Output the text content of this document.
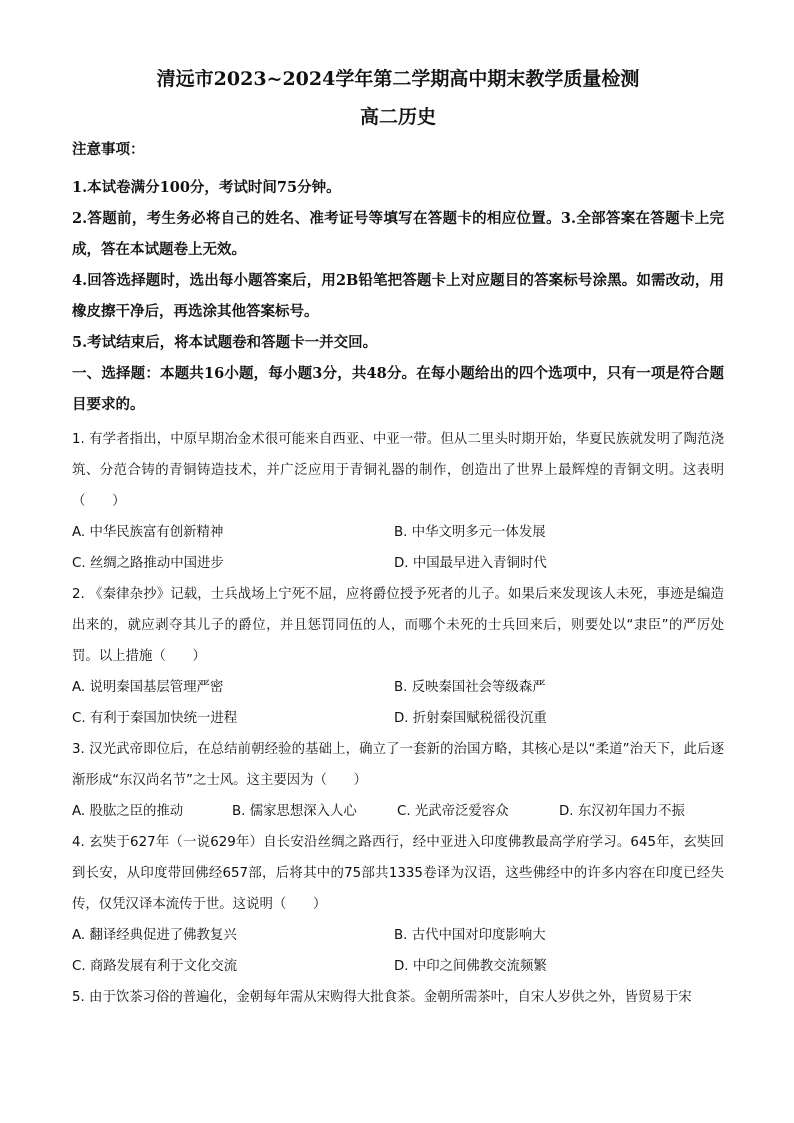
清远市2023~2024学年第二学期高中期末教学质量检测
高二历史

注意事项：

1.本试卷满分100分，考试时间75分钟。

2.答题前，考生务必将自己的姓名、准考证号等填写在答题卡的相应位置。3.全部答案在答题卡上完成，答在本试题卷上无效。

4.回答选择题时，选出每小题答案后，用2B铅笔把答题卡上对应题目的答案标号涂黑。如需改动，用橡皮擦干净后，再选涂其他答案标号。

5.考试结束后，将本试题卷和答题卡一并交回。

一、选择题：本题共16小题，每小题3分，共48分。在每小题给出的四个选项中，只有一项是符合题目要求的。

1. 有学者指出，中原早期冶金术很可能来自西亚、中亚一带。但从二里头时期开始，华夏民族就发明了陶范浇筑、分范合铸的青铜铸造技术，并广泛应用于青铜礼器的制作，创造出了世界上最辉煌的青铜文明。这表明（　　）

A. 中华民族富有创新精神	B. 中华文明多元一体发展
C. 丝绸之路推动中国进步	D. 中国最早进入青铜时代

2. 《秦律杂抄》记载，士兵战场上宁死不屈，应将爵位授予死者的儿子。如果后来发现该人未死，事迹是编造出来的，就应剥夺其儿子的爵位，并且惩罚同伍的人，而哪个未死的士兵回来后，则要处以“隶臣”的严厉处罚。以上措施（　　）

A. 说明秦国基层管理严密	B. 反映秦国社会等级森严
C. 有利于秦国加快统一进程	D. 折射秦国赋税徭役沉重

3. 汉光武帝即位后，在总结前朝经验的基础上，确立了一套新的治国方略，其核心是以“柔道”治天下，此后逐渐形成“东汉尚名节”之士风。这主要因为（　　）

A. 股肱之臣的推动	B. 儒家思想深入人心	C. 光武帝泛爱容众	D. 东汉初年国力不振

4. 玄奘于627年（一说629年）自长安沿丝绸之路西行，经中亚进入印度佛教最高学府学习。645年，玄奘回到长安，从印度带回佛经657部，后将其中的75部共1335卷译为汉语，这些佛经中的许多内容在印度已经失传，仅凭汉译本流传于世。这说明（　　）

A. 翻译经典促进了佛教复兴	B. 古代中国对印度影响大
C. 商路发展有利于文化交流	D. 中印之间佛教交流频繁

5. 由于饮茶习俗的普遍化，金朝每年需从宋购得大批食茶。金朝所需茶叶，自宋人岁供之外，皆贸易于宋
